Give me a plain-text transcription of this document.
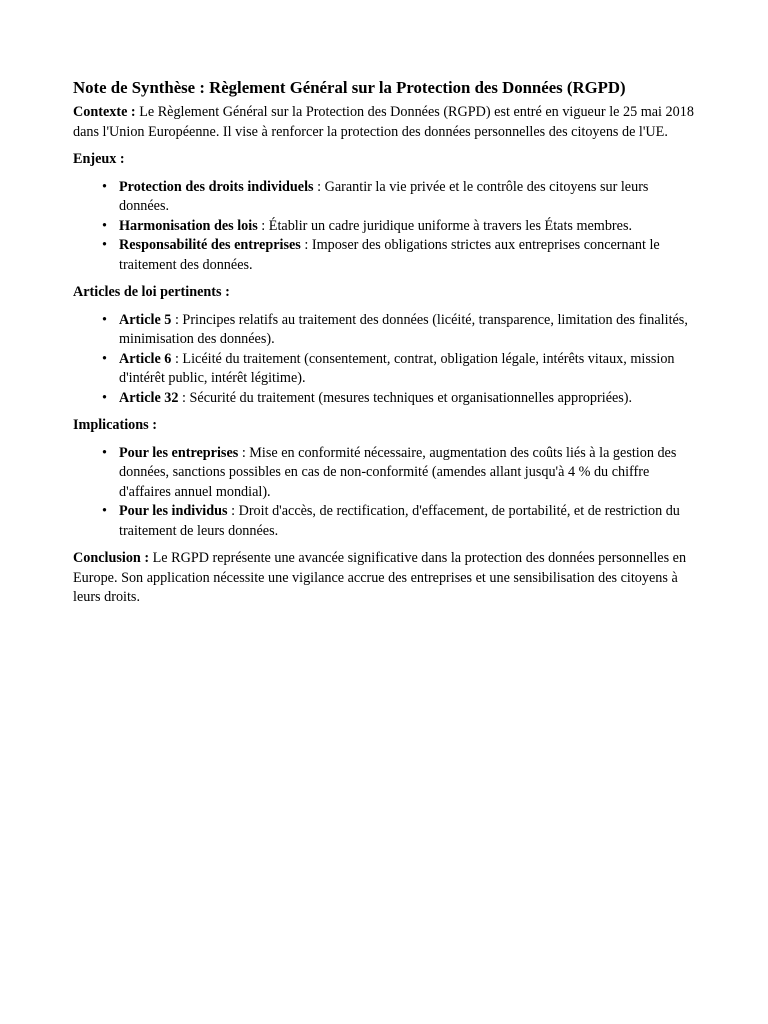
Note de Synthèse : Règlement Général sur la Protection des Données (RGPD)

Contexte : Le Règlement Général sur la Protection des Données (RGPD) est entré en vigueur le 25 mai 2018 dans l'Union Européenne. Il vise à renforcer la protection des données personnelles des citoyens de l'UE.

Enjeux :
• Protection des droits individuels : Garantir la vie privée et le contrôle des citoyens sur leurs données.
• Harmonisation des lois : Établir un cadre juridique uniforme à travers les États membres.
• Responsabilité des entreprises : Imposer des obligations strictes aux entreprises concernant le traitement des données.
Articles de loi pertinents :
• Article 5 : Principes relatifs au traitement des données (licéité, transparence, limitation des finalités, minimisation des données).
• Article 6 : Licéité du traitement (consentement, contrat, obligation légale, intérêts vitaux, mission d'intérêt public, intérêt légitime).
• Article 32 : Sécurité du traitement (mesures techniques et organisationnelles appropriées).
Implications :
• Pour les entreprises : Mise en conformité nécessaire, augmentation des coûts liés à la gestion des données, sanctions possibles en cas de non-conformité (amendes allant jusqu'à 4 % du chiffre d'affaires annuel mondial).
• Pour les individus : Droit d'accès, de rectification, d'effacement, de portabilité, et de restriction du traitement de leurs données.

Conclusion : Le RGPD représente une avancée significative dans la protection des données personnelles en Europe. Son application nécessite une vigilance accrue des entreprises et une sensibilisation des citoyens à leurs droits.
